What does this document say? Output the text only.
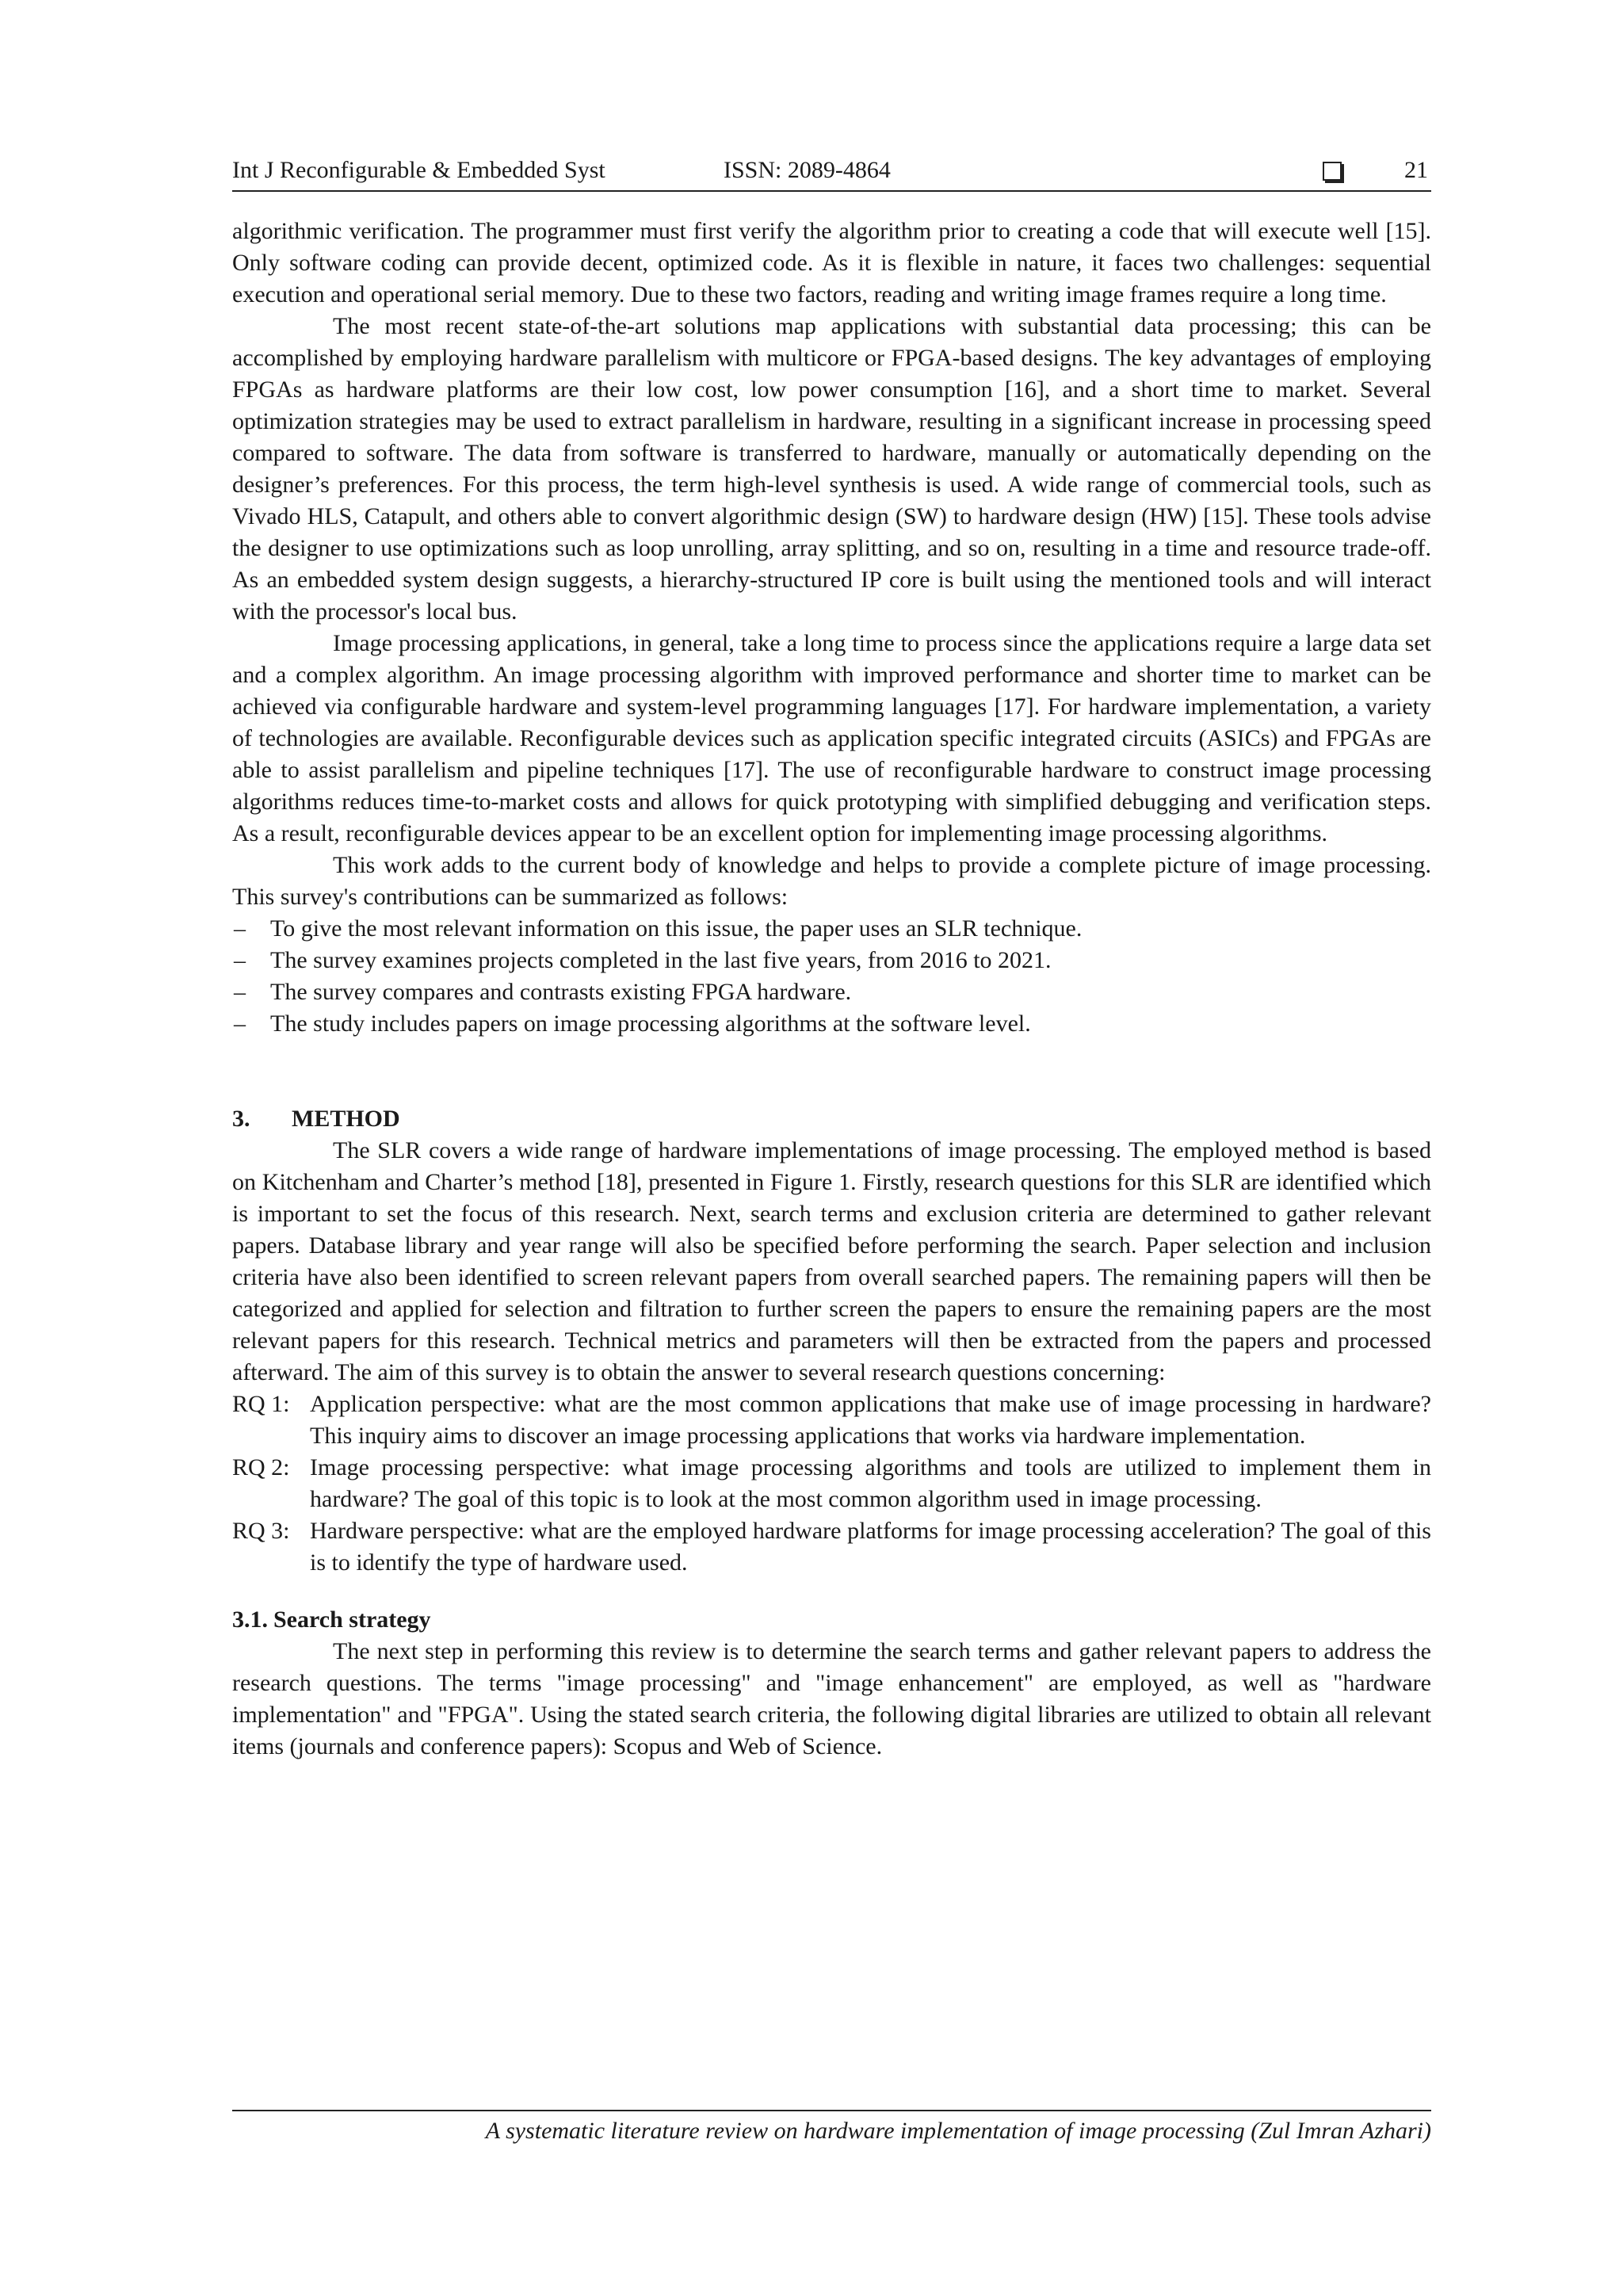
Int J Reconfigurable & Embedded Syst	ISSN: 2089-4864	21

algorithmic verification. The programmer must first verify the algorithm prior to creating a code that will execute well [15]. Only software coding can provide decent, optimized code. As it is flexible in nature, it faces two challenges: sequential execution and operational serial memory. Due to these two factors, reading and writing image frames require a long time.

The most recent state-of-the-art solutions map applications with substantial data processing; this can be accomplished by employing hardware parallelism with multicore or FPGA-based designs. The key advantages of employing FPGAs as hardware platforms are their low cost, low power consumption [16], and a short time to market. Several optimization strategies may be used to extract parallelism in hardware, resulting in a significant increase in processing speed compared to software. The data from software is transferred to hardware, manually or automatically depending on the designer’s preferences. For this process, the term high-level synthesis is used. A wide range of commercial tools, such as Vivado HLS, Catapult, and others able to convert algorithmic design (SW) to hardware design (HW) [15]. These tools advise the designer to use optimizations such as loop unrolling, array splitting, and so on, resulting in a time and resource trade-off. As an embedded system design suggests, a hierarchy-structured IP core is built using the mentioned tools and will interact with the processor's local bus.

Image processing applications, in general, take a long time to process since the applications require a large data set and a complex algorithm. An image processing algorithm with improved performance and shorter time to market can be achieved via configurable hardware and system-level programming languages [17]. For hardware implementation, a variety of technologies are available. Reconfigurable devices such as application specific integrated circuits (ASICs) and FPGAs are able to assist parallelism and pipeline techniques [17]. The use of reconfigurable hardware to construct image processing algorithms reduces time-to-market costs and allows for quick prototyping with simplified debugging and verification steps. As a result, reconfigurable devices appear to be an excellent option for implementing image processing algorithms.

This work adds to the current body of knowledge and helps to provide a complete picture of image processing. This survey's contributions can be summarized as follows:

– To give the most relevant information on this issue, the paper uses an SLR technique.
– The survey examines projects completed in the last five years, from 2016 to 2021.
– The survey compares and contrasts existing FPGA hardware.
– The study includes papers on image processing algorithms at the software level.
3. METHOD

The SLR covers a wide range of hardware implementations of image processing. The employed method is based on Kitchenham and Charter’s method [18], presented in Figure 1. Firstly, research questions for this SLR are identified which is important to set the focus of this research. Next, search terms and exclusion criteria are determined to gather relevant papers. Database library and year range will also be specified before performing the search. Paper selection and inclusion criteria have also been identified to screen relevant papers from overall searched papers. The remaining papers will then be categorized and applied for selection and filtration to further screen the papers to ensure the remaining papers are the most relevant papers for this research. Technical metrics and parameters will then be extracted from the papers and processed afterward. The aim of this survey is to obtain the answer to several research questions concerning:

RQ 1: Application perspective: what are the most common applications that make use of image processing in hardware? This inquiry aims to discover an image processing applications that works via hardware implementation.
RQ 2: Image processing perspective: what image processing algorithms and tools are utilized to implement them in hardware? The goal of this topic is to look at the most common algorithm used in image processing.
RQ 3: Hardware perspective: what are the employed hardware platforms for image processing acceleration? The goal of this is to identify the type of hardware used.
3.1. Search strategy

The next step in performing this review is to determine the search terms and gather relevant papers to address the research questions. The terms "image processing" and "image enhancement" are employed, as well as "hardware implementation" and "FPGA". Using the stated search criteria, the following digital libraries are utilized to obtain all relevant items (journals and conference papers): Scopus and Web of Science.

A systematic literature review on hardware implementation of image processing (Zul Imran Azhari)
